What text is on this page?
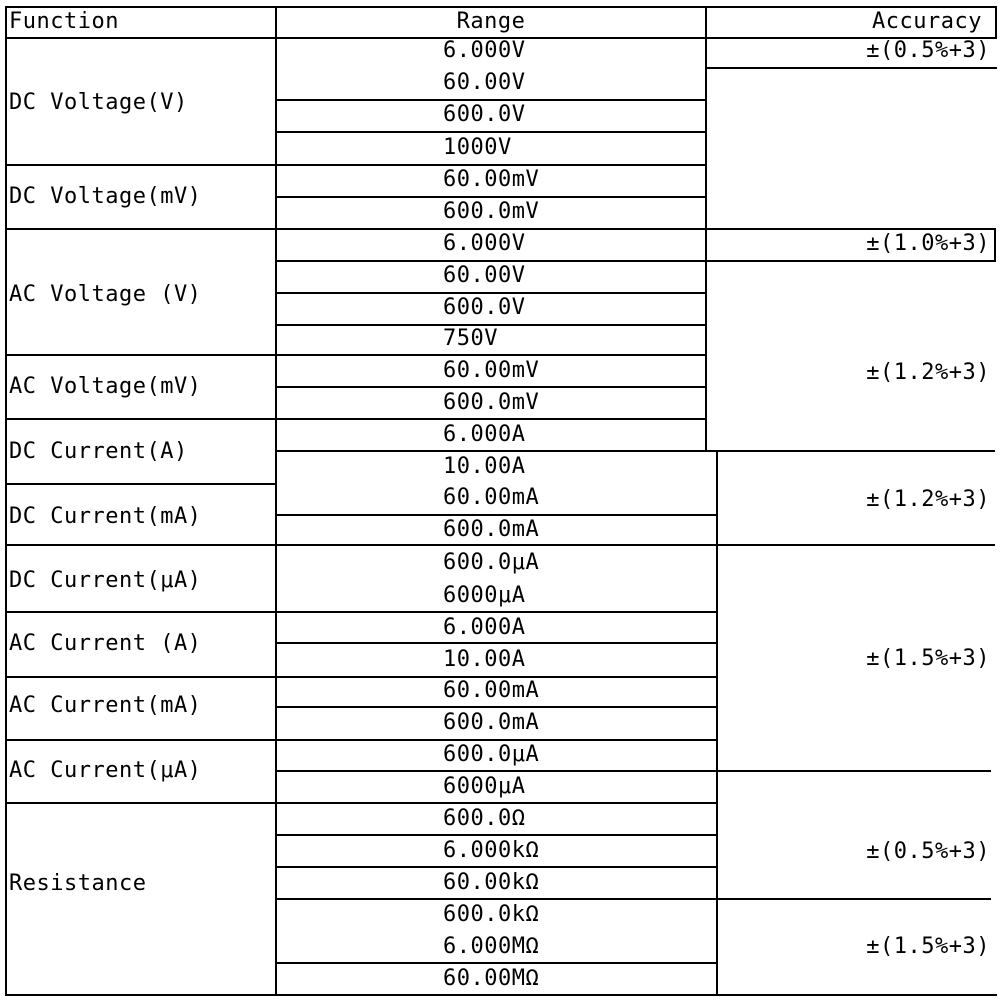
Function	Range	Accuracy
DC Voltage(V)
DC Voltage(mV)
AC Voltage (V)
AC Voltage(mV)
DC Current(A)
DC Current(mA)
DC Current(μA)
AC Current (A)
AC Current(mA)
AC Current(μA)
Resistance
6.000V
60.00V
600.0V
1000V
60.00mV
600.0mV
6.000V
60.00V
600.0V
750V
60.00mV
600.0mV
6.000A
10.00A
60.00mA
600.0mA
600.0μA
6000μA
6.000A
10.00A
60.00mA
600.0mA
600.0μA
6000μA
600.0Ω
6.000kΩ
60.00kΩ
600.0kΩ
6.000MΩ
60.00MΩ
±(0.5%+3)
±(1.0%+3)
±(1.2%+3)
±(1.2%+3)
±(1.5%+3)
±(0.5%+3)
±(1.5%+3)
